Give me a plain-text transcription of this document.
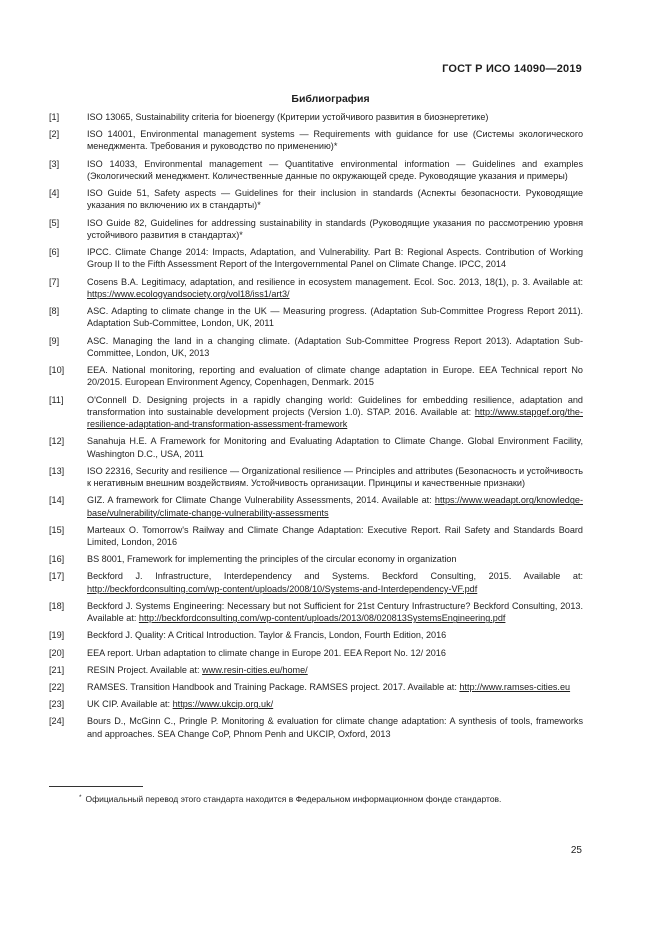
ГОСТ Р ИСО 14090—2019
Библиография
[1]	ISO 13065, Sustainability criteria for bioenergy (Критерии устойчивого развития в биоэнергетике)
[2]	ISO 14001, Environmental management systems — Requirements with guidance for use (Системы экологического менеджмента. Требования и руководство по применению)*
[3]	ISO 14033, Environmental management — Quantitative environmental information — Guidelines and examples (Экологический менеджмент. Количественные данные по окружающей среде. Руководящие указания и примеры)
[4]	ISO Guide 51, Safety aspects — Guidelines for their inclusion in standards (Аспекты безопасности. Руководящие указания по включению их в стандарты)*
[5]	ISO Guide 82, Guidelines for addressing sustainability in standards (Руководящие указания по рассмотрению уровня устойчивого развития в стандартах)*
[6]	IPCC. Climate Change 2014: Impacts, Adaptation, and Vulnerability. Part B: Regional Aspects. Contribution of Working Group II to the Fifth Assessment Report of the Intergovernmental Panel on Climate Change. IPCC, 2014
[7]	Cosens B.A. Legitimacy, adaptation, and resilience in ecosystem management. Ecol. Soc. 2013, 18(1), p. 3. Available at: https://www.ecologyandsociety.org/vol18/iss1/art3/
[8]	ASC. Adapting to climate change in the UK — Measuring progress. (Adaptation Sub-Committee Progress Report 2011). Adaptation Sub-Committee, London, UK, 2011
[9]	ASC. Managing the land in a changing climate. (Adaptation Sub-Committee Progress Report 2013). Adaptation Sub-Committee, London, UK, 2013
[10]	EEA. National monitoring, reporting and evaluation of climate change adaptation in Europe. EEA Technical report No 20/2015. European Environment Agency, Copenhagen, Denmark. 2015
[11]	O'Connell D. Designing projects in a rapidly changing world: Guidelines for embedding resilience, adaptation and transformation into sustainable development projects (Version 1.0). STAP. 2016. Available at: http://www.stapgef.org/the-resilience-adaptation-and-transformation-assessment-framework
[12]	Sanahuja H.E. A Framework for Monitoring and Evaluating Adaptation to Climate Change. Global Environment Facility, Washington D.C., USA, 2011
[13]	ISO 22316, Security and resilience — Organizational resilience — Principles and attributes (Безопасность и устойчивость к негативным внешним воздействиям. Устойчивость организации. Принципы и качественные признаки)
[14]	GIZ. A framework for Climate Change Vulnerability Assessments, 2014. Available at: https://www.weadapt.org/knowledge-base/vulnerability/climate-change-vulnerability-assessments
[15]	Marteaux O. Tomorrow's Railway and Climate Change Adaptation: Executive Report. Rail Safety and Standards Board Limited, London, 2016
[16]	BS 8001, Framework for implementing the principles of the circular economy in organization
[17]	Beckford J. Infrastructure, Interdependency and Systems. Beckford Consulting, 2015. Available at: http://beckfordconsulting.com/wp-content/uploads/2008/10/Systems-and-Interdependency-VF.pdf
[18]	Beckford J. Systems Engineering: Necessary but not Sufficient for 21st Century Infrastructure? Beckford Consulting, 2013. Available at: http://beckfordconsulting.com/wp-content/uploads/2013/08/020813SystemsEngineering.pdf
[19]	Beckford J. Quality: A Critical Introduction. Taylor & Francis, London, Fourth Edition, 2016
[20]	EEA report. Urban adaptation to climate change in Europe 201. EEA Report No. 12/ 2016
[21]	RESIN Project. Available at: www.resin-cities.eu/home/
[22]	RAMSES. Transition Handbook and Training Package. RAMSES project. 2017. Available at: http://www.ramses-cities.eu
[23]	UK CIP. Available at: https://www.ukcip.org.uk/
[24]	Bours D., McGinn C., Pringle P. Monitoring & evaluation for climate change adaptation: A synthesis of tools, frameworks and approaches. SEA Change CoP, Phnom Penh and UKCIP, Oxford, 2013
* Официальный перевод этого стандарта находится в Федеральном информационном фонде стандартов.
25
